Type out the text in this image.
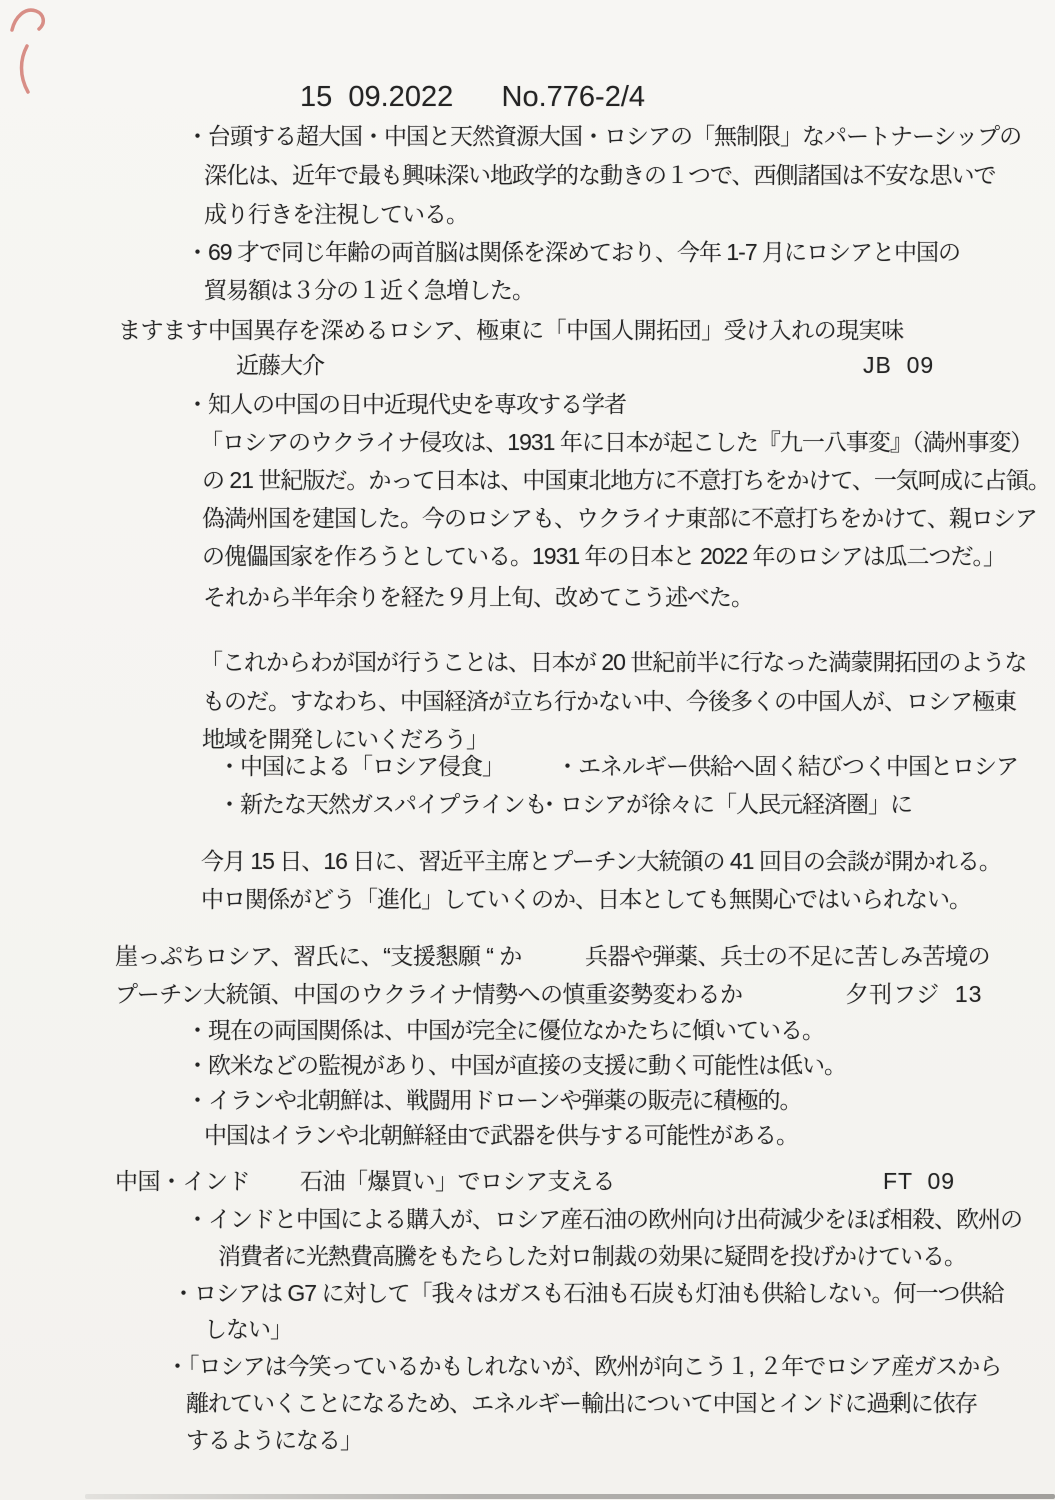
15  09.2022      No.776-2/4
・台頭する超大国・中国と天然資源大国・ロシアの「無制限」なパートナーシップの
深化は、近年で最も興味深い地政学的な動きの１つで、西側諸国は不安な思いで
成り行きを注視している。
・69 才で同じ年齢の両首脳は関係を深めており、今年 1-7 月にロシアと中国の
貿易額は３分の１近く急増した。
ますます中国異存を深めるロシア、極東に「中国人開拓団」受け入れの現実味
近藤大介	JB  09
・知人の中国の日中近現代史を専攻する学者
「ロシアのウクライナ侵攻は、1931 年に日本が起こした『九一八事変』（満州事変）
の 21 世紀版だ。かって日本は、中国東北地方に不意打ちをかけて、一気呵成に占領。
偽満州国を建国した。今のロシアも、ウクライナ東部に不意打ちをかけて、親ロシア
の傀儡国家を作ろうとしている。1931 年の日本と 2022 年のロシアは瓜二つだ。」
それから半年余りを経た９月上旬、改めてこう述べた。
「これからわが国が行うことは、日本が 20 世紀前半に行なった満蒙開拓団のような
ものだ。すなわち、中国経済が立ち行かない中、今後多くの中国人が、ロシア極東
地域を開発しにいくだろう」
・中国による「ロシア侵食」 ・エネルギー供給へ固く結びつく中国とロシア
・新たな天然ガスパイプラインも
・ロシアが徐々に「人民元経済圏」に
今月 15 日、16 日に、習近平主席とプーチン大統領の 41 回目の会談が開かれる。
中ロ関係がどう「進化」していくのか、日本としても無関心ではいられない。
崖っぷちロシア、習氏に、“支援懇願 “ か	兵器や弾薬、兵士の不足に苦しみ苦境の
プーチン大統領、中国のウクライナ情勢への慎重姿勢変わるか	夕刊フジ  13
・現在の両国関係は、中国が完全に優位なかたちに傾いている。
・欧米などの監視があり、中国が直接の支援に動く可能性は低い。
・イランや北朝鮮は、戦闘用ドローンや弾薬の販売に積極的。
中国はイランや北朝鮮経由で武器を供与する可能性がある。
中国・インド 石油「爆買い」でロシア支える	FT  09
・インドと中国による購入が、ロシア産石油の欧州向け出荷減少をほぼ相殺、欧州の
消費者に光熱費高騰をもたらした対ロ制裁の効果に疑問を投げかけている。
・ロシアは G7 に対して「我々はガスも石油も石炭も灯油も供給しない。何一つ供給
しない」
・「ロシアは今笑っているかもしれないが、欧州が向こう１, ２年でロシア産ガスから
離れていくことになるため、エネルギー輸出について中国とインドに過剰に依存
するようになる」
